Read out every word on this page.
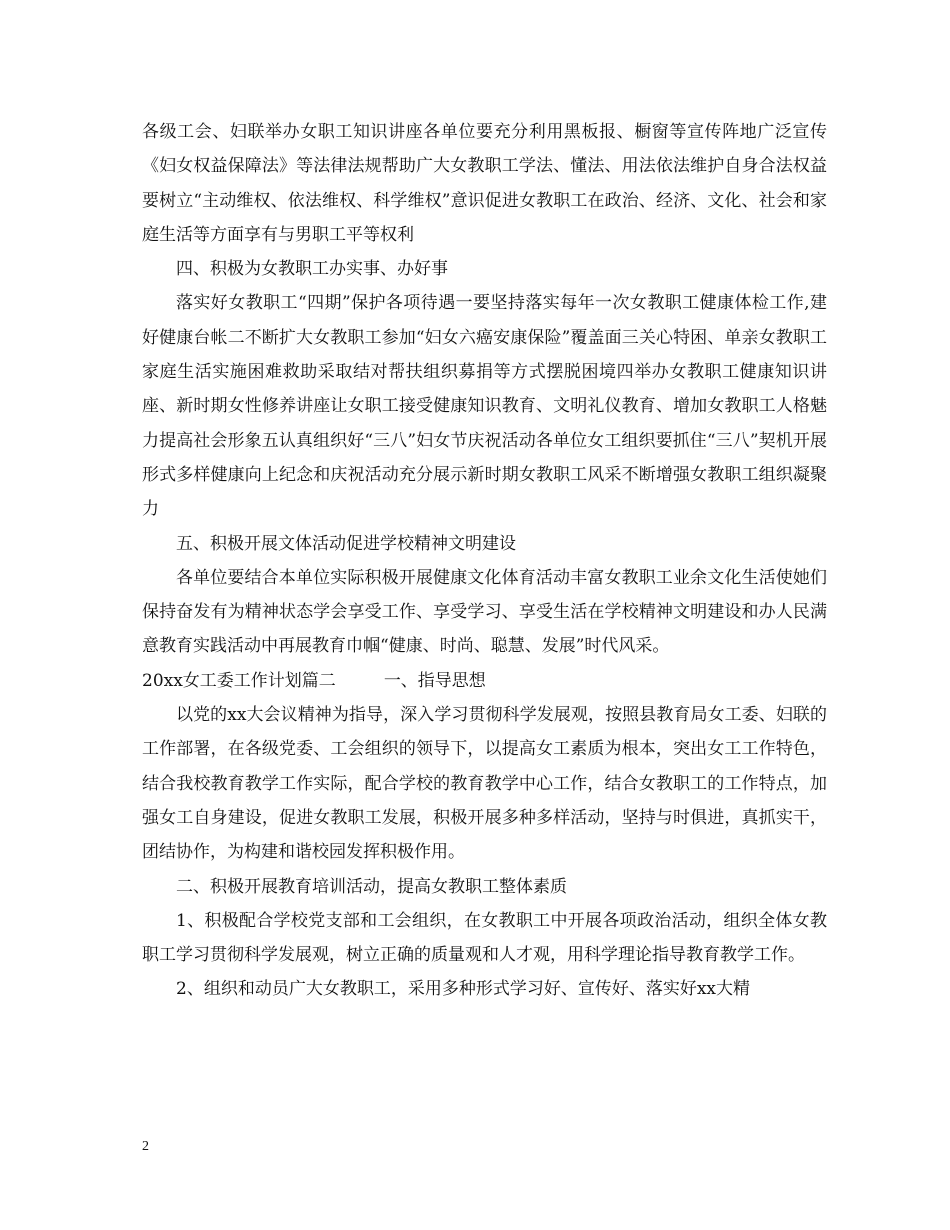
各级工会、妇联举办女职工知识讲座各单位要充分利用黑板报、橱窗等宣传阵地广泛宣传《妇女权益保障法》等法律法规帮助广大女教职工学法、懂法、用法依法维护自身合法权益要树立“主动维权、依法维权、科学维权”意识促进女教职工在政治、经济、文化、社会和家庭生活等方面享有与男职工平等权利

四、积极为女教职工办实事、办好事

落实好女教职工“四期”保护各项待遇一要坚持落实每年一次女教职工健康体检工作,建好健康台帐二不断扩大女教职工参加“妇女六癌安康保险”覆盖面三关心特困、单亲女教职工家庭生活实施困难救助采取结对帮扶组织募捐等方式摆脱困境四举办女教职工健康知识讲座、新时期女性修养讲座让女职工接受健康知识教育、文明礼仪教育、增加女教职工人格魅力提高社会形象五认真组织好“三八”妇女节庆祝活动各单位女工组织要抓住“三八”契机开展形式多样健康向上纪念和庆祝活动充分展示新时期女教职工风采不断增强女教职工组织凝聚力

五、积极开展文体活动促进学校精神文明建设

各单位要结合本单位实际积极开展健康文化体育活动丰富女教职工业余文化生活使她们保持奋发有为精神状态学会享受工作、享受学习、享受生活在学校精神文明建设和办人民满意教育实践活动中再展教育巾帼“健康、时尚、聪慧、发展”时代风采。

20xx女工委工作计划篇二	一、指导思想

以党的xx大会议精神为指导，深入学习贯彻科学发展观，按照县教育局女工委、妇联的工作部署，在各级党委、工会组织的领导下，以提高女工素质为根本，突出女工工作特色，结合我校教育教学工作实际，配合学校的教育教学中心工作，结合女教职工的工作特点，加强女工自身建设，促进女教职工发展，积极开展多种多样活动，坚持与时俱进，真抓实干，团结协作，为构建和谐校园发挥积极作用。

二、积极开展教育培训活动，提高女教职工整体素质

1、积极配合学校党支部和工会组织，在女教职工中开展各项政治活动，组织全体女教职工学习贯彻科学发展观，树立正确的质量观和人才观，用科学理论指导教育教学工作。

2、组织和动员广大女教职工，采用多种形式学习好、宣传好、落实好xx大精

2
